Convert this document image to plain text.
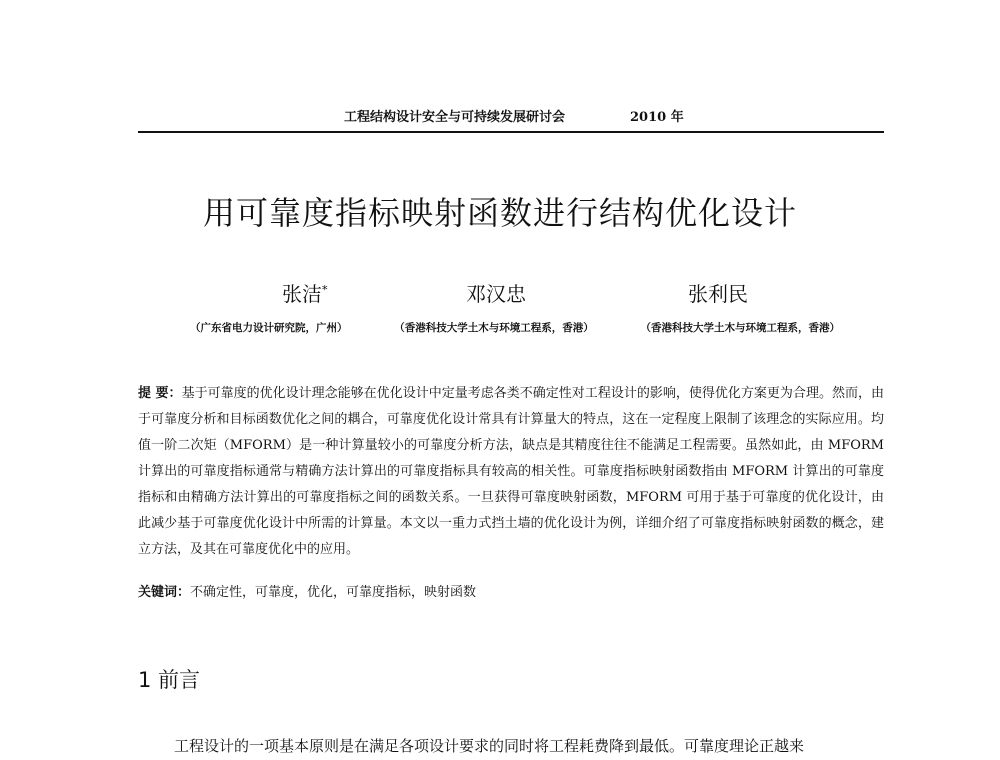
工程结构设计安全与可持续发展研讨会	2010 年
用可靠度指标映射函数进行结构优化设计
张洁*	邓汉忠	张利民
（广东省电力设计研究院，广州）	（香港科技大学土木与环境工程系，香港）	（香港科技大学土木与环境工程系，香港）
提 要：基于可靠度的优化设计理念能够在优化设计中定量考虑各类不确定性对工程设计的影响，使得优化方案更为合理。然而，由于可靠度分析和目标函数优化之间的耦合，可靠度优化设计常具有计算量大的特点，这在一定程度上限制了该理念的实际应用。均值一阶二次矩（MFORM）是一种计算量较小的可靠度分析方法，缺点是其精度往往不能满足工程需要。虽然如此，由 MFORM 计算出的可靠度指标通常与精确方法计算出的可靠度指标具有较高的相关性。可靠度指标映射函数指由 MFORM 计算出的可靠度指标和由精确方法计算出的可靠度指标之间的函数关系。一旦获得可靠度映射函数，MFORM 可用于基于可靠度的优化设计，由此减少基于可靠度优化设计中所需的计算量。本文以一重力式挡土墙的优化设计为例，详细介绍了可靠度指标映射函数的概念，建立方法，及其在可靠度优化中的应用。
关键词：不确定性，可靠度，优化，可靠度指标，映射函数
1 前言
工程设计的一项基本原则是在满足各项设计要求的同时将工程耗费降到最低。可靠度理论正越来
